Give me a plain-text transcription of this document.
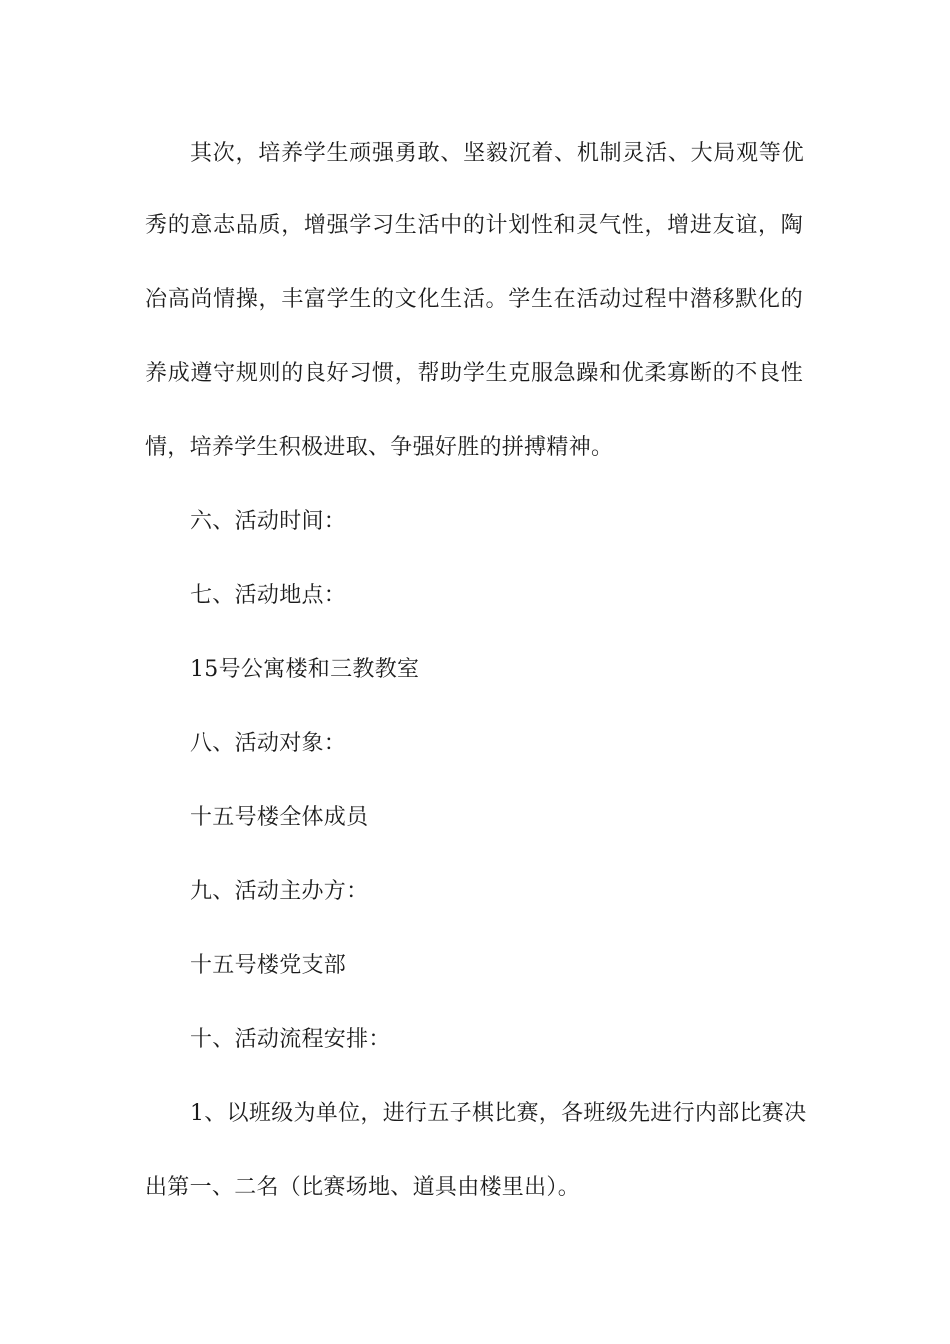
其次，培养学生顽强勇敢、坚毅沉着、机制灵活、大局观等优
秀的意志品质，增强学习生活中的计划性和灵气性，增进友谊，陶
冶高尚情操，丰富学生的文化生活。学生在活动过程中潜移默化的
养成遵守规则的良好习惯，帮助学生克服急躁和优柔寡断的不良性
情，培养学生积极进取、争强好胜的拼搏精神。
六、活动时间：
七、活动地点：
15号公寓楼和三教教室
八、活动对象：
十五号楼全体成员
九、活动主办方：
十五号楼党支部
十、活动流程安排：
1、以班级为单位，进行五子棋比赛，各班级先进行内部比赛决
出第一、二名（比赛场地、道具由楼里出）。
